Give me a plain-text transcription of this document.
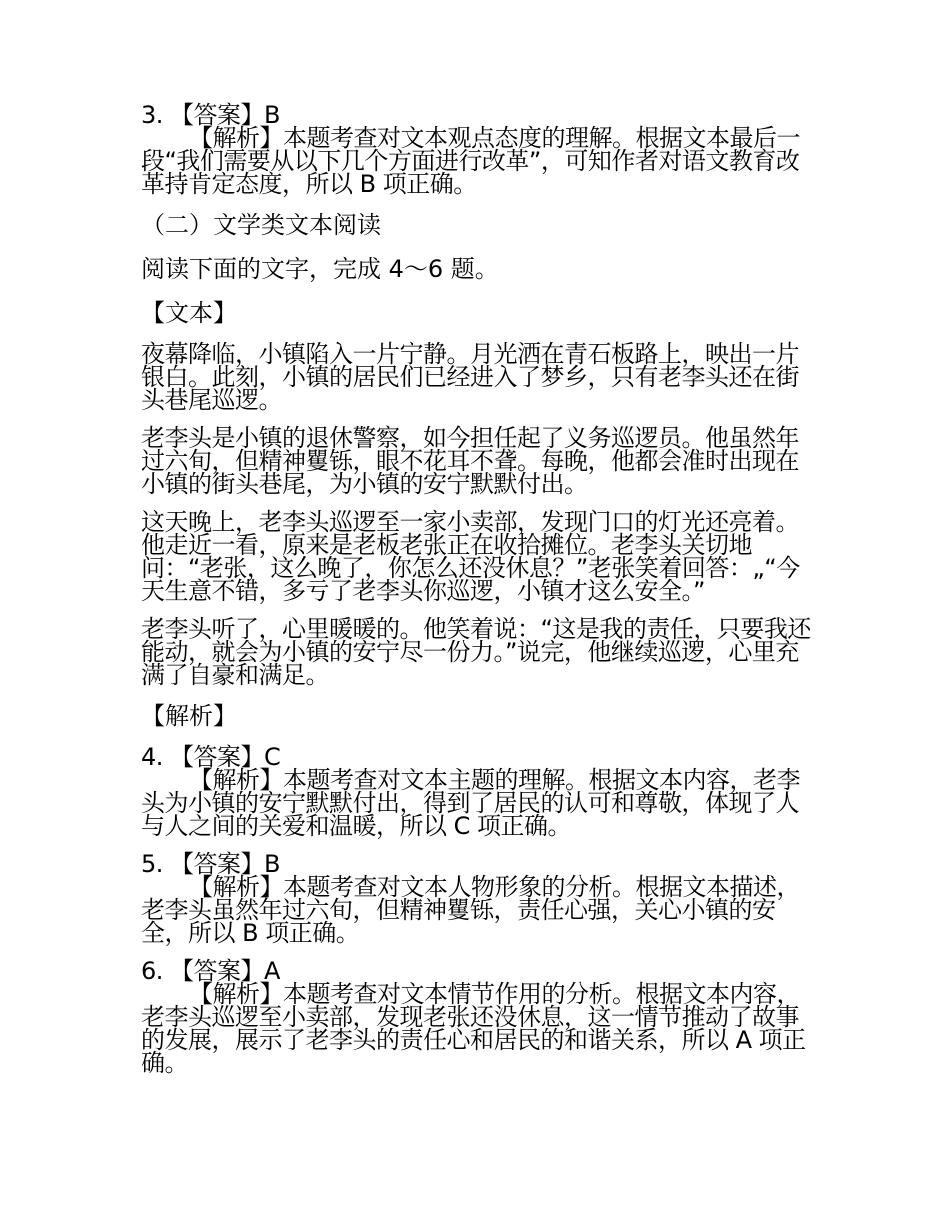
3. 【答案】B

【解析】本题考查对文本观点态度的理解。根据文本最后一段“我们需要从以下几个方面进行改革”，可知作者对语文教育改革持肯定态度，所以 B 项正确。

（二）文学类文本阅读
阅读下面的文字，完成 4～6 题。
【文本】
夜幕降临，小镇陷入一片宁静。月光洒在青石板路上，映出一片银白。此刻，小镇的居民们已经进入了梦乡，只有老李头还在街头巷尾巡逻。
老李头是小镇的退休警察，如今担任起了义务巡逻员。他虽然年过六旬，但精神矍铄，眼不花耳不聋。每晚，他都会准时出现在小镇的街头巷尾，为小镇的安宁默默付出。
这天晚上，老李头巡逻至一家小卖部，发现门口的灯光还亮着。他走近一看，原来是老板老张正在收拾摊位。老李头关切地问：“老张，这么晚了，你怎么还没休息？”老张笑着回答：„“今天生意不错，多亏了老李头你巡逻，小镇才这么安全。”
老李头听了，心里暖暖的。他笑着说：“这是我的责任，只要我还能动，就会为小镇的安宁尽一份力。”说完，他继续巡逻，心里充满了自豪和满足。
【解析】

4. 【答案】C

【解析】本题考查对文本主题的理解。根据文本内容，老李头为小镇的安宁默默付出，得到了居民的认可和尊敬，体现了人与人之间的关爱和温暖，所以 C 项正确。

5. 【答案】B

【解析】本题考查对文本人物形象的分析。根据文本描述，老李头虽然年过六旬，但精神矍铄，责任心强，关心小镇的安全，所以 B 项正确。

6. 【答案】A

【解析】本题考查对文本情节作用的分析。根据文本内容，老李头巡逻至小卖部，发现老张还没休息，这一情节推动了故事的发展，展示了老李头的责任心和居民的和谐关系，所以 A 项正确。
